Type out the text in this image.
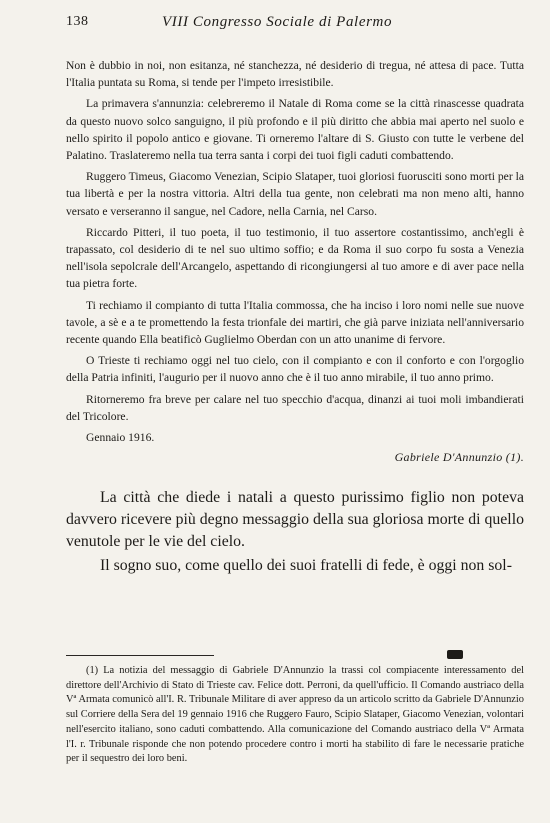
138	VIII Congresso Sociale di Palermo

Non è dubbio in noi, non esitanza, né stanchezza, né desiderio di tregua, né attesa di pace. Tutta l'Italia puntata su Roma, si tende per l'impeto irresistibile.

La primavera s'annunzia: celebreremo il Natale di Roma come se la città rinascesse quadrata da questo nuovo solco sanguigno, il più profondo e il più diritto che abbia mai aperto nel suolo e nello spirito il popolo antico e giovane. Ti orneremo l'altare di S. Giusto con tutte le verbene del Palatino. Traslateremo nella tua terra santa i corpi dei tuoi figli caduti combattendo.

Ruggero Timeus, Giacomo Venezian, Scipio Slataper, tuoi gloriosi fuorusciti sono morti per la tua libertà e per la nostra vittoria. Altri della tua gente, non celebrati ma non meno alti, hanno versato e verseranno il sangue, nel Cadore, nella Carnia, nel Carso.

Riccardo Pitteri, il tuo poeta, il tuo testimonio, il tuo assertore costantissimo, anch'egli è trapassato, col desiderio di te nel suo ultimo soffio; e da Roma il suo corpo fu sosta a Venezia nell'isola sepolcrale dell'Arcangelo, aspettando di ricongiungersi al tuo amore e di aver pace nella tua pietra forte.

Ti rechiamo il compianto di tutta l'Italia commossa, che ha inciso i loro nomi nelle sue nuove tavole, a sè e a te promettendo la festa trionfale dei martiri, che già parve iniziata nell'anniversario recente quando Ella beatificò Guglielmo Oberdan con un atto unanime di fervore.

O Trieste ti rechiamo oggi nel tuo cielo, con il compianto e con il conforto e con l'orgoglio della Patria infiniti, l'augurio per il nuovo anno che è il tuo anno mirabile, il tuo anno primo.

Ritorneremo fra breve per calare nel tuo specchio d'acqua, dinanzi ai tuoi moli imbandierati del Tricolore.

Gennaio 1916.

Gabriele D'Annunzio (1).

La città che diede i natali a questo purissimo figlio non poteva davvero ricevere più degno messaggio della sua gloriosa morte di quello venutole per le vie del cielo.

Il sogno suo, come quello dei suoi fratelli di fede, è oggi non sol-

(1) La notizia del messaggio di Gabriele D'Annunzio la trassi col compiacente interessamento del direttore dell'Archivio di Stato di Trieste cav. Felice dott. Perroni, da quell'ufficio. Il Comando austriaco della Vª Armata comunicò all'I. R. Tribunale Militare di aver appreso da un articolo scritto da Gabriele D'Annunzio sul Corriere della Sera del 19 gennaio 1916 che Ruggero Fauro, Scipio Slataper, Giacomo Venezian, volontari nell'esercito italiano, sono caduti combattendo. Alla comunicazione del Comando austriaco della Vª Armata l'I. r. Tribunale risponde che non potendo procedere contro i morti ha stabilito di fare le necessarie pratiche per il sequestro dei loro beni.
